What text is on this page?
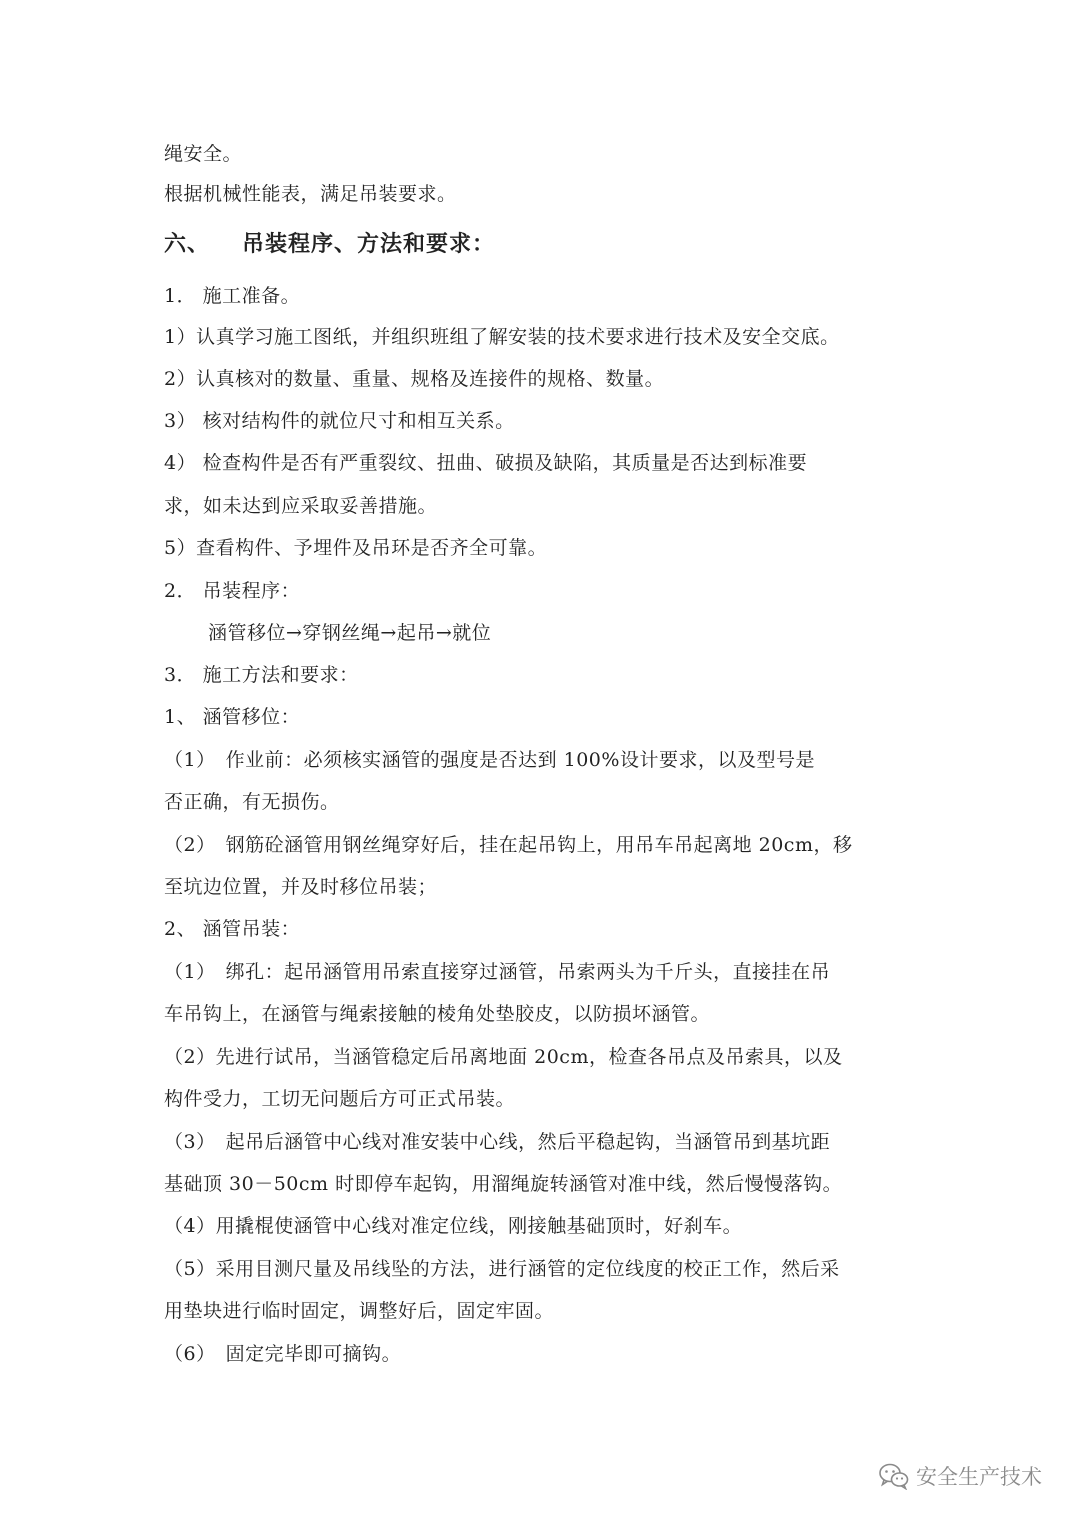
绳安全。
根据机械性能表，满足吊装要求。
六、 吊装程序、方法和要求：
1． 施工准备。
1）认真学习施工图纸，并组织班组了解安装的技术要求进行技术及安全交底。
2）认真核对的数量、重量、规格及连接件的规格、数量。
3） 核对结构件的就位尺寸和相互关系。
4） 检查构件是否有严重裂纹、扭曲、破损及缺陷，其质量是否达到标准要
求，如未达到应采取妥善措施。
5）查看构件、予埋件及吊环是否齐全可靠。
2． 吊装程序：
涵管移位→穿钢丝绳→起吊→就位
3． 施工方法和要求：
1、 涵管移位：
（1）　作业前：必须核实涵管的强度是否达到 100%设计要求，以及型号是
否正确，有无损伤。
（2）　钢筋砼涵管用钢丝绳穿好后，挂在起吊钩上，用吊车吊起离地 20cm，移
至坑边位置，并及时移位吊装；
2、 涵管吊装：
（1）　绑孔：起吊涵管用吊索直接穿过涵管，吊索两头为千斤头，直接挂在吊
车吊钩上，在涵管与绳索接触的棱角处垫胶皮，以防损坏涵管。
（2）先进行试吊，当涵管稳定后吊离地面 20cm，检查各吊点及吊索具，以及
构件受力，工切无问题后方可正式吊装。
（3）　起吊后涵管中心线对准安装中心线，然后平稳起钩，当涵管吊到基坑距
基础顶 30－50cm 时即停车起钩，用溜绳旋转涵管对准中线，然后慢慢落钩。
（4）用撬棍使涵管中心线对准定位线，刚接触基础顶时，好刹车。
（5）采用目测尺量及吊线坠的方法，进行涵管的定位线度的校正工作，然后采
用垫块进行临时固定，调整好后，固定牢固。
（6）　固定完毕即可摘钩。
安全生产技术
